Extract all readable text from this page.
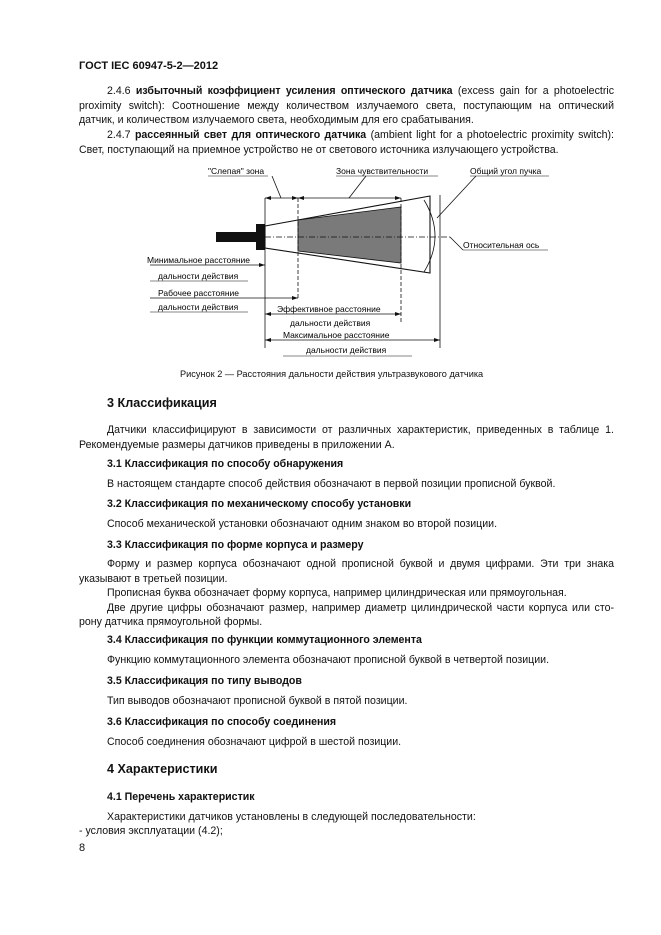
ГОСТ IEC 60947-5-2—2012
2.4.6 избыточный коэффициент усиления оптического датчика (excess gain for a photoelectric
proximity switch): Соотношение между количеством излучаемого света, поступающим на оптический
датчик, и количеством излучаемого света, необходимым для его срабатывания.
2.4.7 рассеянный свет для оптического датчика (ambient light for a photoelectric proximity switch):
Свет, поступающий на приемное устройство не от светового источника излучающего устройства.
"Слепая" зона	Зона чувствительности	Общий угол пучка
Относительная ось
Минимальное расстояние
дальности действия
Рабочее расстояние
дальности действия	Эффективное расстояние
дальности действия
Максимальное расстояние
дальности действия
Рисунок 2 — Расстояния дальности действия ультразвукового датчика
3 Классификация
Датчики классифицируют в зависимости от различных характеристик, приведенных в таблице 1.
Рекомендуемые размеры датчиков приведены в приложении А.
3.1 Классификация по способу обнаружения
В настоящем стандарте способ действия обозначают в первой позиции прописной буквой.
3.2 Классификация по механическому способу установки
Способ механической установки обозначают одним знаком во второй позиции.
3.3 Классификация по форме корпуса и размеру
Форму и размер корпуса обозначают одной прописной буквой и двумя цифрами. Эти три знака
указывают в третьей позиции.
Прописная буква обозначает форму корпуса, например цилиндрическая или прямоугольная.
Две другие цифры обозначают размер, например диаметр цилиндрической части корпуса или сто-
рону датчика прямоугольной формы.
3.4 Классификация по функции коммутационного элемента
Функцию коммутационного элемента обозначают прописной буквой в четвертой позиции.
3.5 Классификация по типу выводов
Тип выводов обозначают прописной буквой в пятой позиции.
3.6 Классификация по способу соединения
Способ соединения обозначают цифрой в шестой позиции.
4 Характеристики
4.1 Перечень характеристик
Характеристики датчиков установлены в следующей последовательности:
- условия эксплуатации (4.2);
8
